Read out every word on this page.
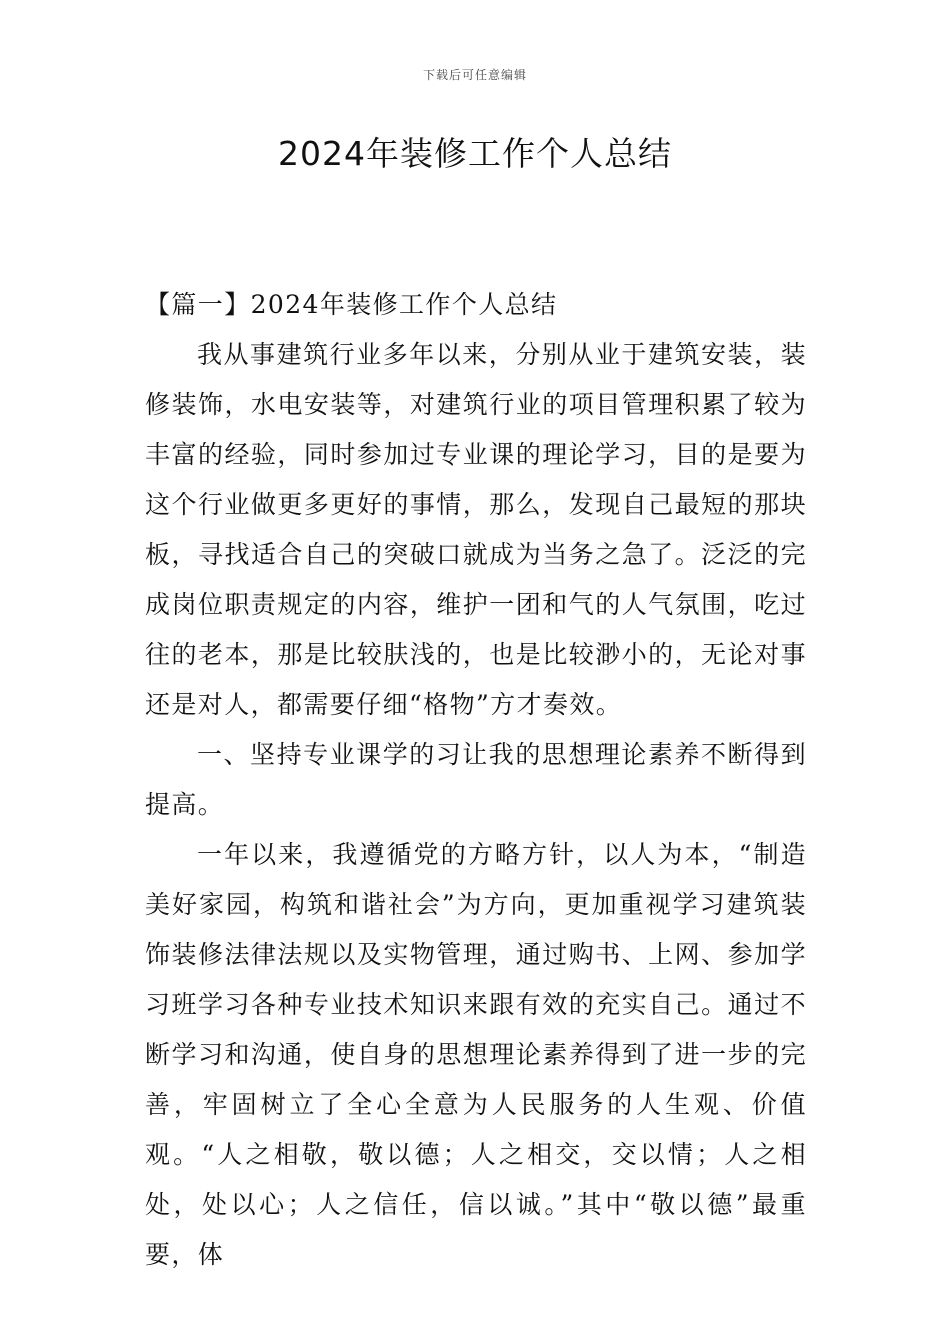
下载后可任意编辑
2024年装修工作个人总结

【篇一】2024年装修工作个人总结

我从事建筑行业多年以来，分别从业于建筑安装，装修装饰，水电安装等，对建筑行业的项目管理积累了较为丰富的经验，同时参加过专业课的理论学习，目的是要为这个行业做更多更好的事情，那么，发现自己最短的那块板，寻找适合自己的突破口就成为当务之急了。泛泛的完成岗位职责规定的内容，维护一团和气的人气氛围，吃过往的老本，那是比较肤浅的，也是比较渺小的，无论对事还是对人，都需要仔细“格物”方才奏效。

一、坚持专业课学的习让我的思想理论素养不断得到提高。

一年以来，我遵循党的方略方针，以人为本，“制造美好家园，构筑和谐社会”为方向，更加重视学习建筑装饰装修法律法规以及实物管理，通过购书、上网、参加学习班学习各种专业技术知识来跟有效的充实自己。通过不断学习和沟通，使自身的思想理论素养得到了进一步的完善，牢固树立了全心全意为人民服务的人生观、价值观。“人之相敬，敬以德；人之相交，交以情；人之相处，处以心；人之信任，信以诚。”其中“敬以德”最重要，体
